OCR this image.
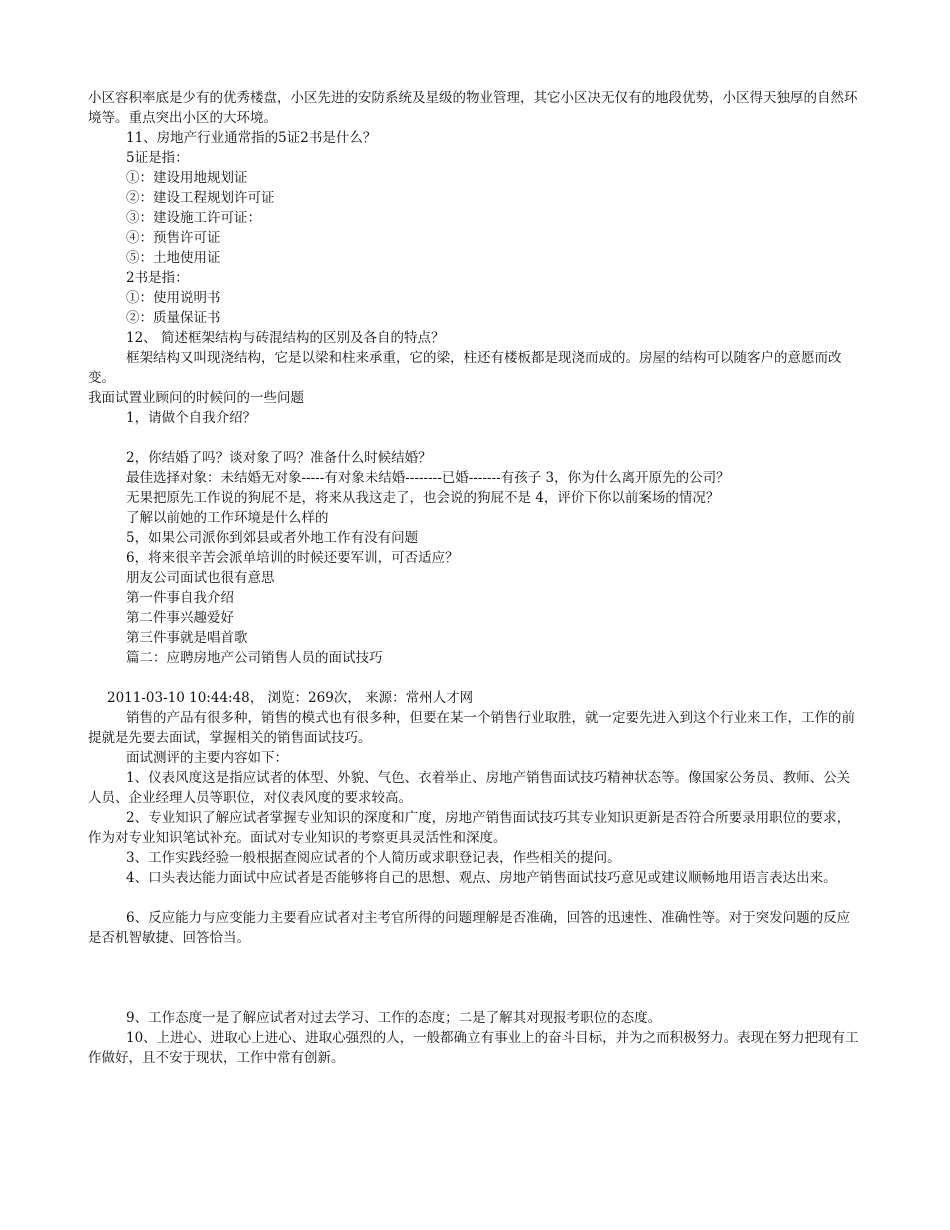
小区容积率底是少有的优秀楼盘，小区先进的安防系统及星级的物业管理，其它小区决无仅有的地段优势，小区得天独厚的自然环境等。重点突出小区的大环境。

11、房地产行业通常指的5证2书是什么？

5证是指：

①：建设用地规划证

②：建设工程规划许可证

③：建设施工许可证：

④：预售许可证

⑤：土地使用证

2书是指：

①：使用说明书

②：质量保证书

12、 简述框架结构与砖混结构的区别及各自的特点？

框架结构又叫现浇结构，它是以梁和柱来承重，它的梁，柱还有楼板都是现浇而成的。房屋的结构可以随客户的意愿而改变。

我面试置业顾问的时候问的一些问题

1，请做个自我介绍？

2，你结婚了吗？谈对象了吗？准备什么时候结婚？

最佳选择对象：未结婚无对象-----有对象未结婚--------已婚-------有孩子 3，你为什么离开原先的公司？

无果把原先工作说的狗屁不是，将来从我这走了，也会说的狗屁不是 4，评价下你以前案场的情况？

了解以前她的工作环境是什么样的

5，如果公司派你到郊县或者外地工作有没有问题

6，将来很辛苦会派单培训的时候还要军训，可否适应？

朋友公司面试也很有意思

第一件事自我介绍

第二件事兴趣爱好

第三件事就是唱首歌

篇二：应聘房地产公司销售人员的面试技巧

2011-03-10 10:44:48， 浏览：269次， 来源：常州人才网

销售的产品有很多种，销售的模式也有很多种，但要在某一个销售行业取胜，就一定要先进入到这个行业来工作，工作的前提就是先要去面试，掌握相关的销售面试技巧。

面试测评的主要内容如下：

1、仪表风度这是指应试者的体型、外貌、气色、衣着举止、房地产销售面试技巧精神状态等。像国家公务员、教师、公关人员、企业经理人员等职位，对仪表风度的要求较高。

2、专业知识了解应试者掌握专业知识的深度和广度，房地产销售面试技巧其专业知识更新是否符合所要录用职位的要求，作为对专业知识笔试补充。面试对专业知识的考察更具灵活性和深度。

3、工作实践经验一般根据查阅应试者的个人简历或求职登记表，作些相关的提问。

4、口头表达能力面试中应试者是否能够将自己的思想、观点、房地产销售面试技巧意见或建议顺畅地用语言表达出来。

6、反应能力与应变能力主要看应试者对主考官所得的问题理解是否准确，回答的迅速性、准确性等。对于突发问题的反应是否机智敏捷、回答恰当。

9、工作态度一是了解应试者对过去学习、工作的态度；二是了解其对现报考职位的态度。

10、上进心、进取心上进心、进取心强烈的人，一般都确立有事业上的奋斗目标，并为之而积极努力。表现在努力把现有工作做好，且不安于现状，工作中常有创新。
